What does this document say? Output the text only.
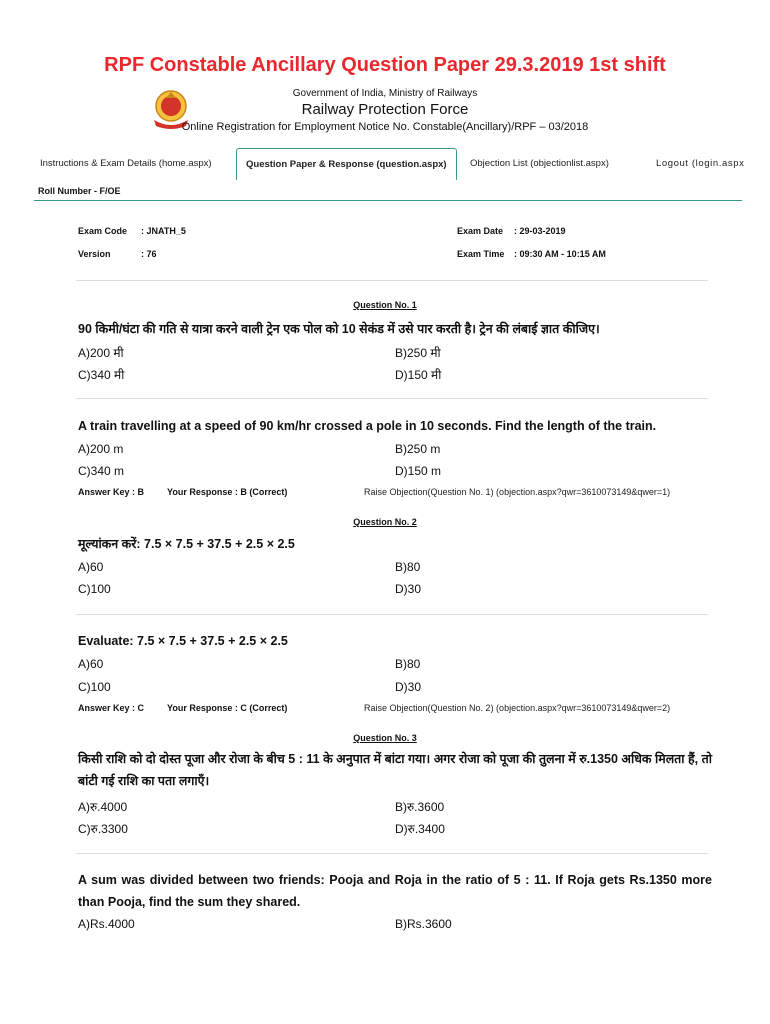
RPF Constable Ancillary Question Paper 29.3.2019 1st shift
Government of India, Ministry of Railways
Railway Protection Force
Online Registration for Employment Notice No. Constable(Ancillary)/RPF – 03/2018
Instructions & Exam Details (home.aspx)	Question Paper & Response (question.aspx)	Objection List (objectionlist.aspx)	Logout (login.aspx
Roll Number - F/OE
Exam Code : JNATH_5
Version	: 76
Exam Date : 29-03-2019
Exam Time : 09:30 AM - 10:15 AM
Question No. 1
90 किमी/घंटा की गति से यात्रा करने वाली ट्रेन एक पोल को 10 सेकंड में उसे पार करती है। ट्रेन की लंबाई ज्ञात कीजिए।
A)200 मी	B)250 मी
C)340 मी	D)150 मी
A train travelling at a speed of 90 km/hr crossed a pole in 10 seconds. Find the length of the train.
A)200 m	B)250 m
C)340 m	D)150 m
Answer Key : B	Your Response : B (Correct)	Raise Objection(Question No. 1) (objection.aspx?qwr=3610073149&qwer=1)
Question No. 2
मूल्यांकन करें: 7.5 × 7.5 + 37.5 + 2.5 × 2.5
A)60	B)80
C)100	D)30
Evaluate: 7.5 × 7.5 + 37.5 + 2.5 × 2.5
A)60	B)80
C)100	D)30
Answer Key : C	Your Response : C (Correct)	Raise Objection(Question No. 2) (objection.aspx?qwr=3610073149&qwer=2)
Question No. 3
किसी राशि को दो दोस्त पूजा और रोजा के बीच 5 : 11 के अनुपात में बांटा गया। अगर रोजा को पूजा की तुलना में रु.1350 अधिक मिलता हैं, तो बांटी गई राशि का पता लगाएँ।
A)रु.4000	B)रु.3600
C)रु.3300	D)रु.3400
A sum was divided between two friends: Pooja and Roja in the ratio of 5 : 11. If Roja gets Rs.1350 more than Pooja, find the sum they shared.
A)Rs.4000	B)Rs.3600
